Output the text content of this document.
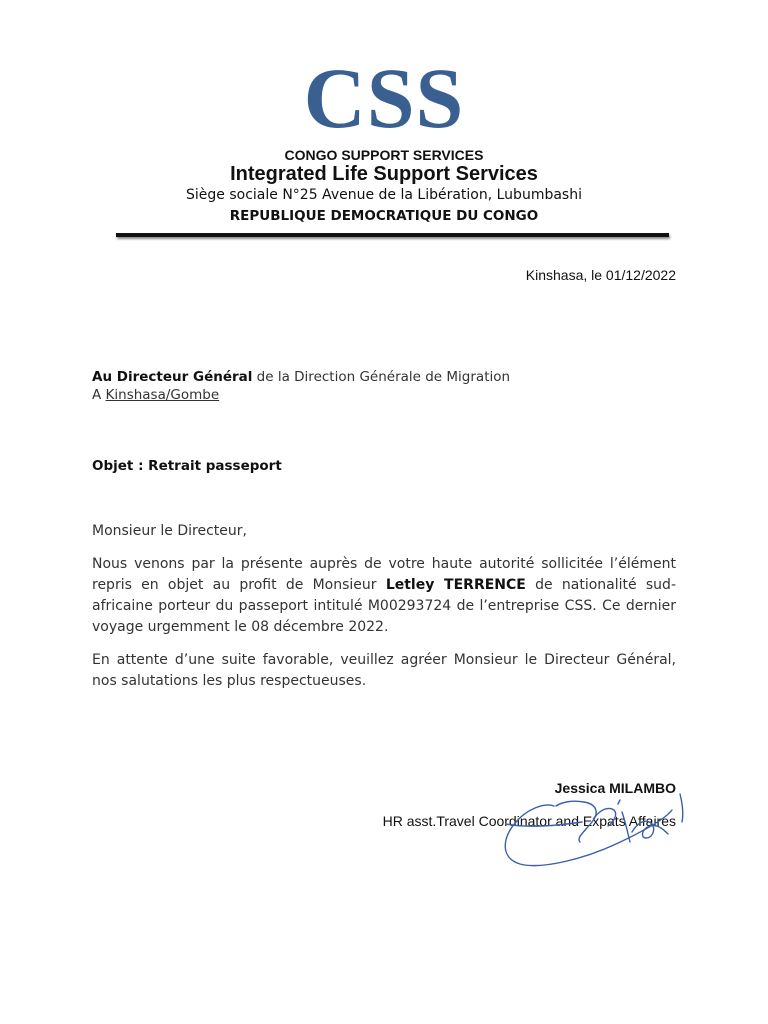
CSS
CONGO SUPPORT SERVICES
Integrated Life Support Services
Siège sociale N°25 Avenue de la Libération, Lubumbashi
REPUBLIQUE DEMOCRATIQUE DU CONGO
Kinshasa, le 01/12/2022
Au Directeur Général de la Direction Générale de Migration
A Kinshasa/Gombe
Objet : Retrait passeport
Monsieur le Directeur,

Nous venons par la présente auprès de votre haute autorité sollicitée l’élément repris en objet au profit de Monsieur Letley TERRENCE de nationalité sud-africaine porteur du passeport intitulé M00293724 de l’entreprise CSS. Ce dernier voyage urgemment le 08 décembre 2022.

En attente d’une suite favorable, veuillez agréer Monsieur le Directeur Général, nos salutations les plus respectueuses.

Jessica MILAMBO
HR asst.Travel Coordinator and Expats Affaires
